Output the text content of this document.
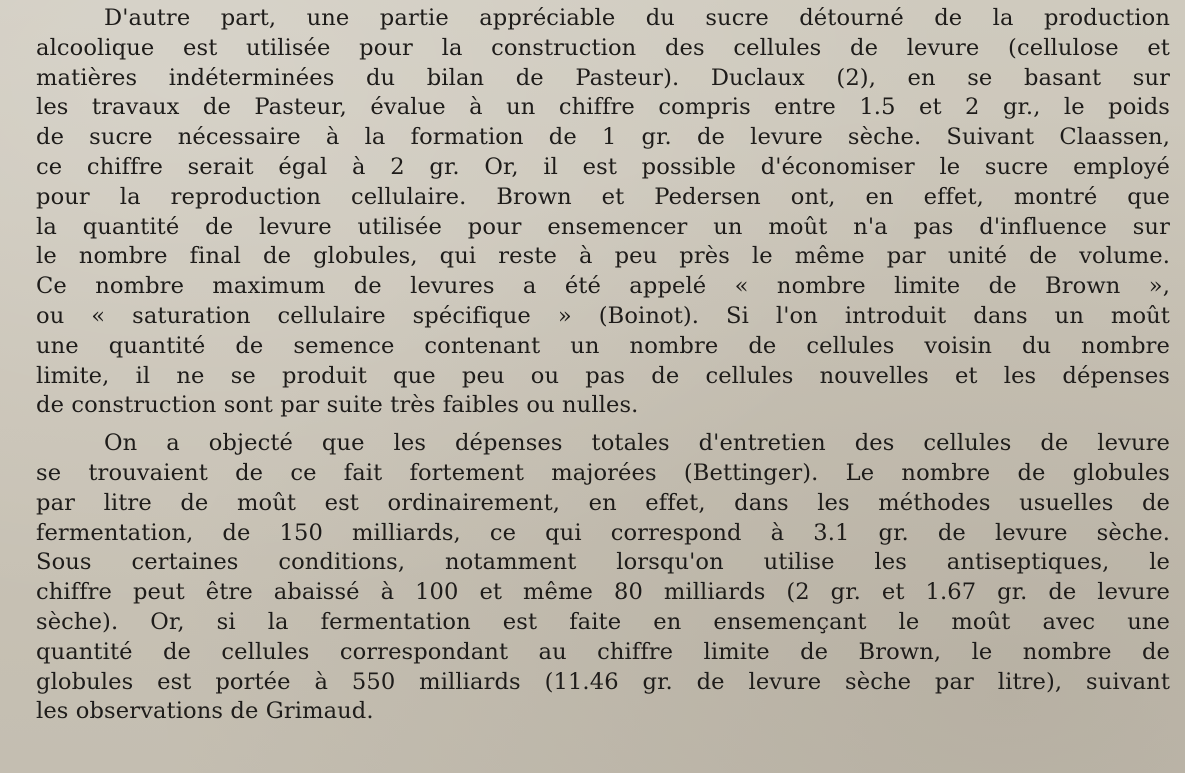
D'autre part, une partie appréciable du sucre détourné de la production
alcoolique est utilisée pour la construction des cellules de levure (cellulose et
matières indéterminées du bilan de Pasteur). Duclaux (2), en se basant sur
les travaux de Pasteur, évalue à un chiffre compris entre 1.5 et 2 gr., le poids
de sucre nécessaire à la formation de 1 gr. de levure sèche. Suivant Claassen,
ce chiffre serait égal à 2 gr. Or, il est possible d'économiser le sucre employé
pour la reproduction cellulaire. Brown et Pedersen ont, en effet, montré que
la quantité de levure utilisée pour ensemencer un moût n'a pas d'influence sur
le nombre final de globules, qui reste à peu près le même par unité de volume.
Ce nombre maximum de levures a été appelé « nombre limite de Brown »,
ou « saturation cellulaire spécifique » (Boinot). Si l'on introduit dans un moût
une quantité de semence contenant un nombre de cellules voisin du nombre
limite, il ne se produit que peu ou pas de cellules nouvelles et les dépenses
de construction sont par suite très faibles ou nulles.

On a objecté que les dépenses totales d'entretien des cellules de levure
se trouvaient de ce fait fortement majorées (Bettinger). Le nombre de globules
par litre de moût est ordinairement, en effet, dans les méthodes usuelles de
fermentation, de 150 milliards, ce qui correspond à 3.1 gr. de levure sèche.
Sous certaines conditions, notamment lorsqu'on utilise les antiseptiques, le
chiffre peut être abaissé à 100 et même 80 milliards (2 gr. et 1.67 gr. de levure
sèche). Or, si la fermentation est faite en ensemençant le moût avec une
quantité de cellules correspondant au chiffre limite de Brown, le nombre de
globules est portée à 550 milliards (11.46 gr. de levure sèche par litre), suivant
les observations de Grimaud.
